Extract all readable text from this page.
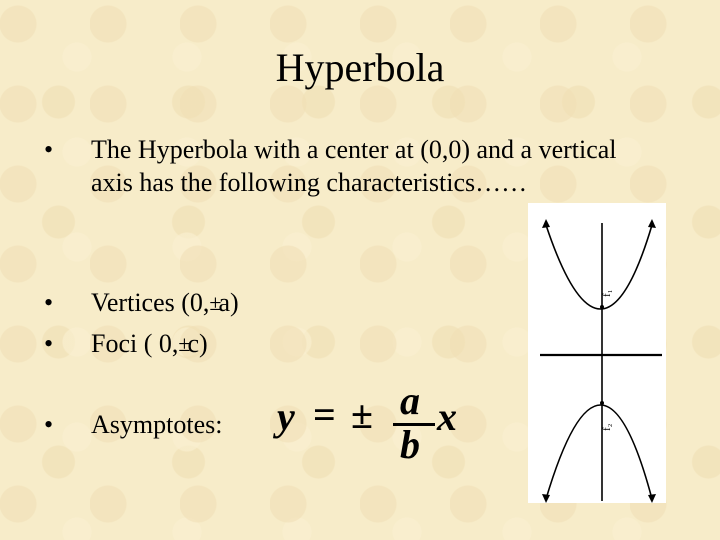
Hyperbola
• The Hyperbola with a center at (0,0) and a vertical
axis has the following characteristics……
• Vertices (0,±a)
• Foci ( 0,±c)
• Asymptotes: y = ± a
b
x
f₁
f₂
